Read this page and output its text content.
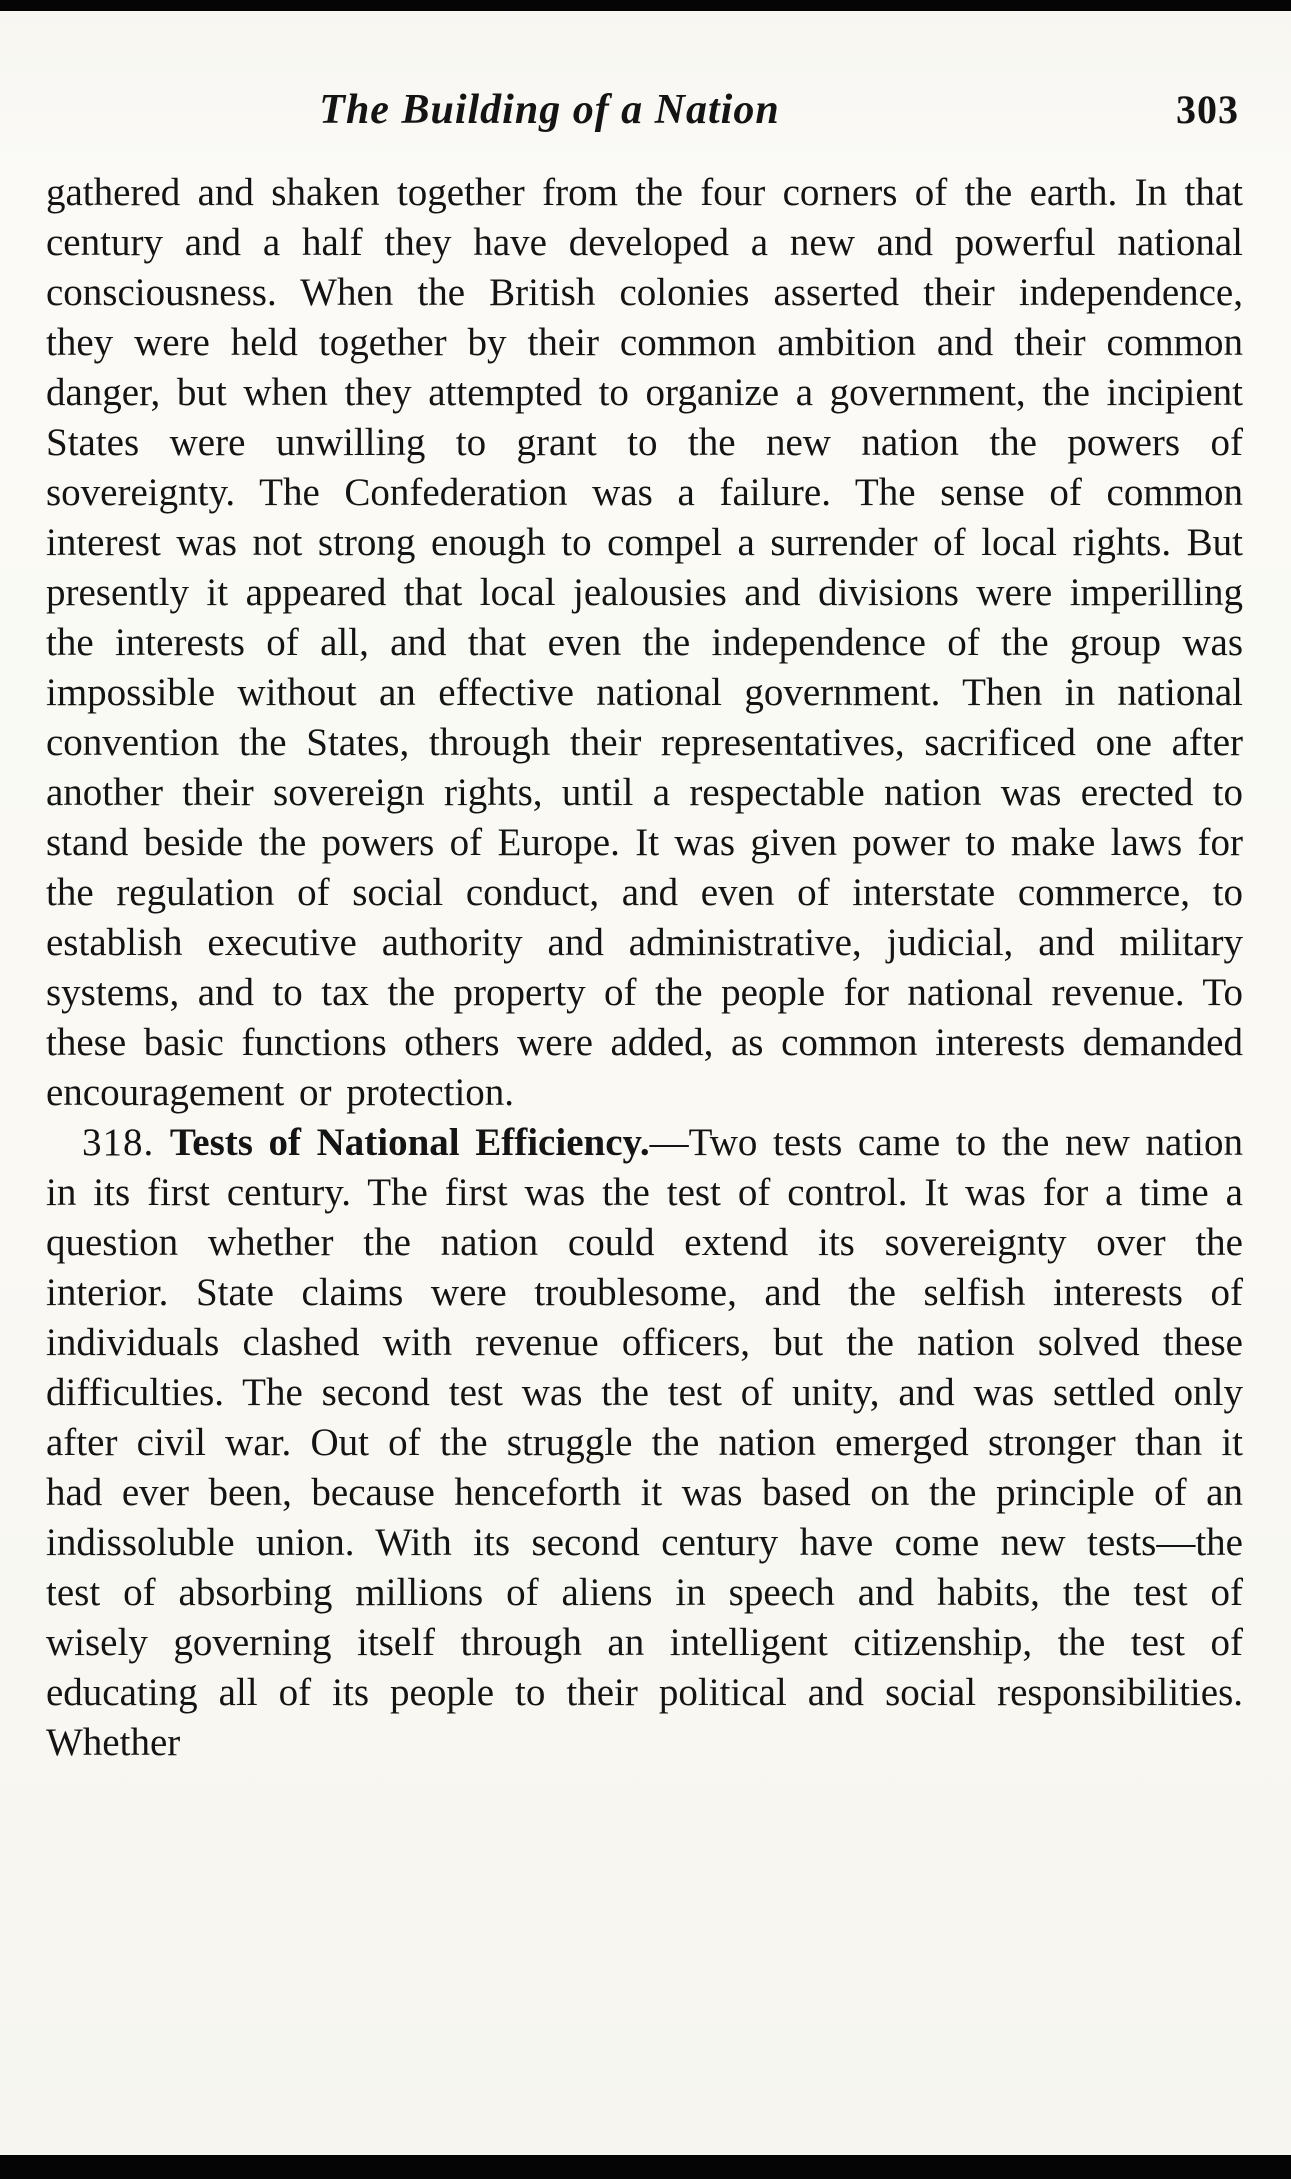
The Building of a Nation	303

gathered and shaken together from the four corners of the earth. In that century and a half they have developed a new and powerful national consciousness. When the British colonies asserted their independence, they were held together by their common ambition and their common danger, but when they attempted to organize a government, the incipient States were unwilling to grant to the new nation the powers of sovereignty. The Confederation was a failure. The sense of common interest was not strong enough to compel a surrender of local rights. But presently it appeared that local jealousies and divisions were imperilling the interests of all, and that even the independence of the group was impossible without an effective national government. Then in national convention the States, through their representatives, sacrificed one after another their sovereign rights, until a respectable nation was erected to stand beside the powers of Europe. It was given power to make laws for the regulation of social conduct, and even of interstate commerce, to establish executive authority and administrative, judicial, and military systems, and to tax the property of the people for national revenue. To these basic functions others were added, as common interests demanded encouragement or protection.

318. Tests of National Efficiency.—Two tests came to the new nation in its first century. The first was the test of control. It was for a time a question whether the nation could extend its sovereignty over the interior. State claims were troublesome, and the selfish interests of individuals clashed with revenue officers, but the nation solved these difficulties. The second test was the test of unity, and was settled only after civil war. Out of the struggle the nation emerged stronger than it had ever been, because henceforth it was based on the principle of an indissoluble union. With its second century have come new tests—the test of absorbing millions of aliens in speech and habits, the test of wisely governing itself through an intelligent citizenship, the test of educating all of its people to their political and social responsibilities. Whether
